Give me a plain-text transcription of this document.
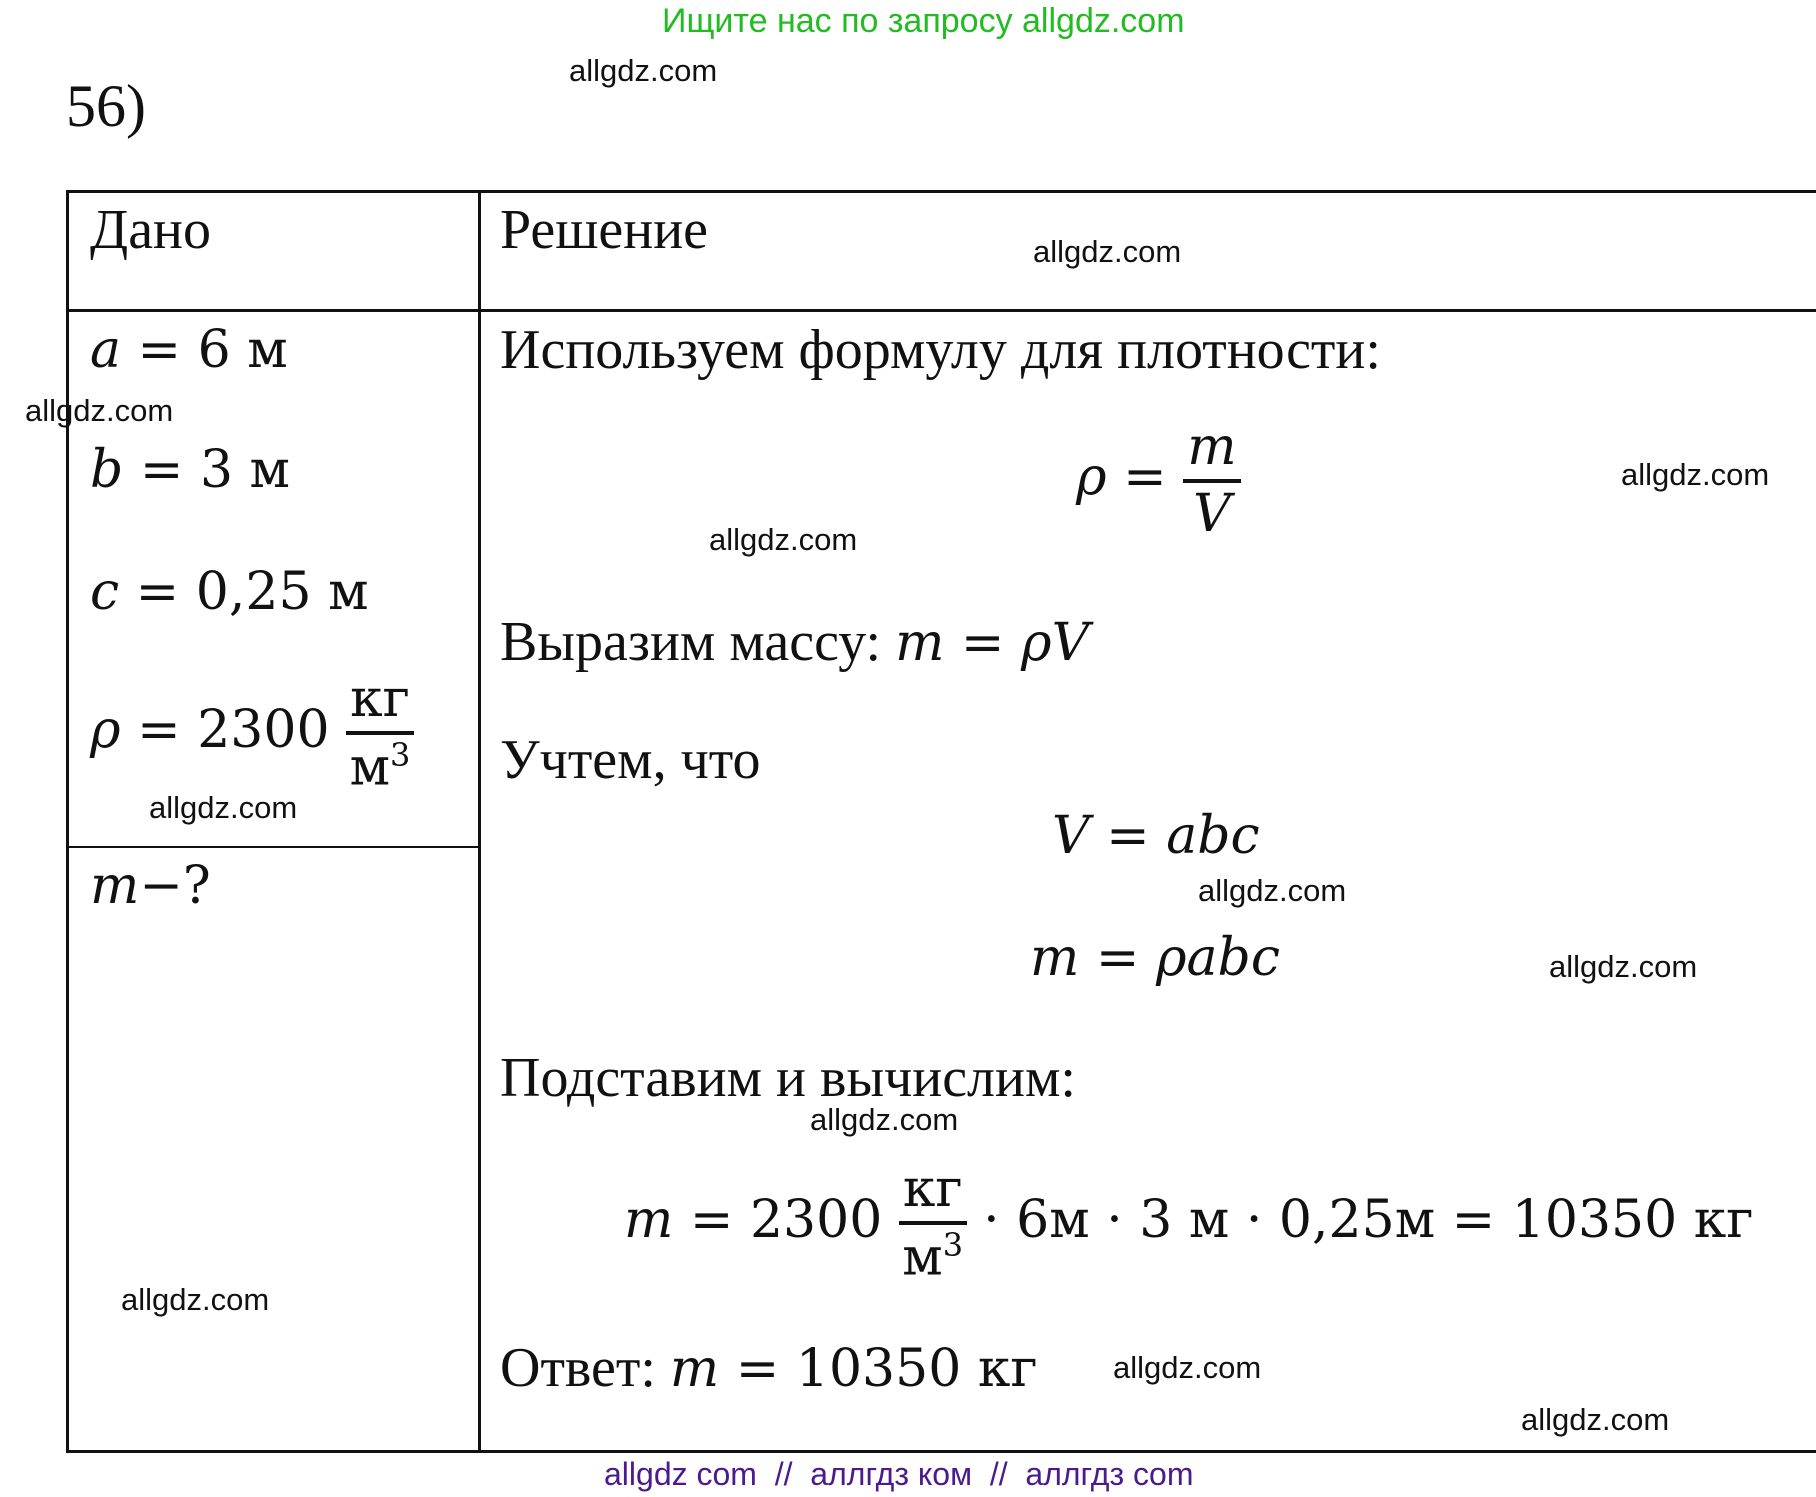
Ищите нас по запросу allgdz.com
56)
Дано	Решение
a = 6 м
b = 3 м
c = 0,25 м
$\rho = 2300 \frac{кг}{м^3}$
m−?
Используем формулу для плотности:
$\rho = \frac{m}{V}$
Выразим массу: m = ρV
Учтем, что
V = abc
m = ρabc
Подставим и вычислим:
$m = 2300 \frac{кг}{м^3} \cdot 6м \cdot 3$ м · 0,25м = 10350 кг
Ответ: m = 10350 кг
allgdz.com
allgdz.com
allgdz.com
allgdz.com
allgdz.com
allgdz.com
allgdz.com
allgdz.com
allgdz.com
allgdz.com
allgdz.com
allgdz.com
allgdz com  //  аллгдз ком  //  аллгдз com
